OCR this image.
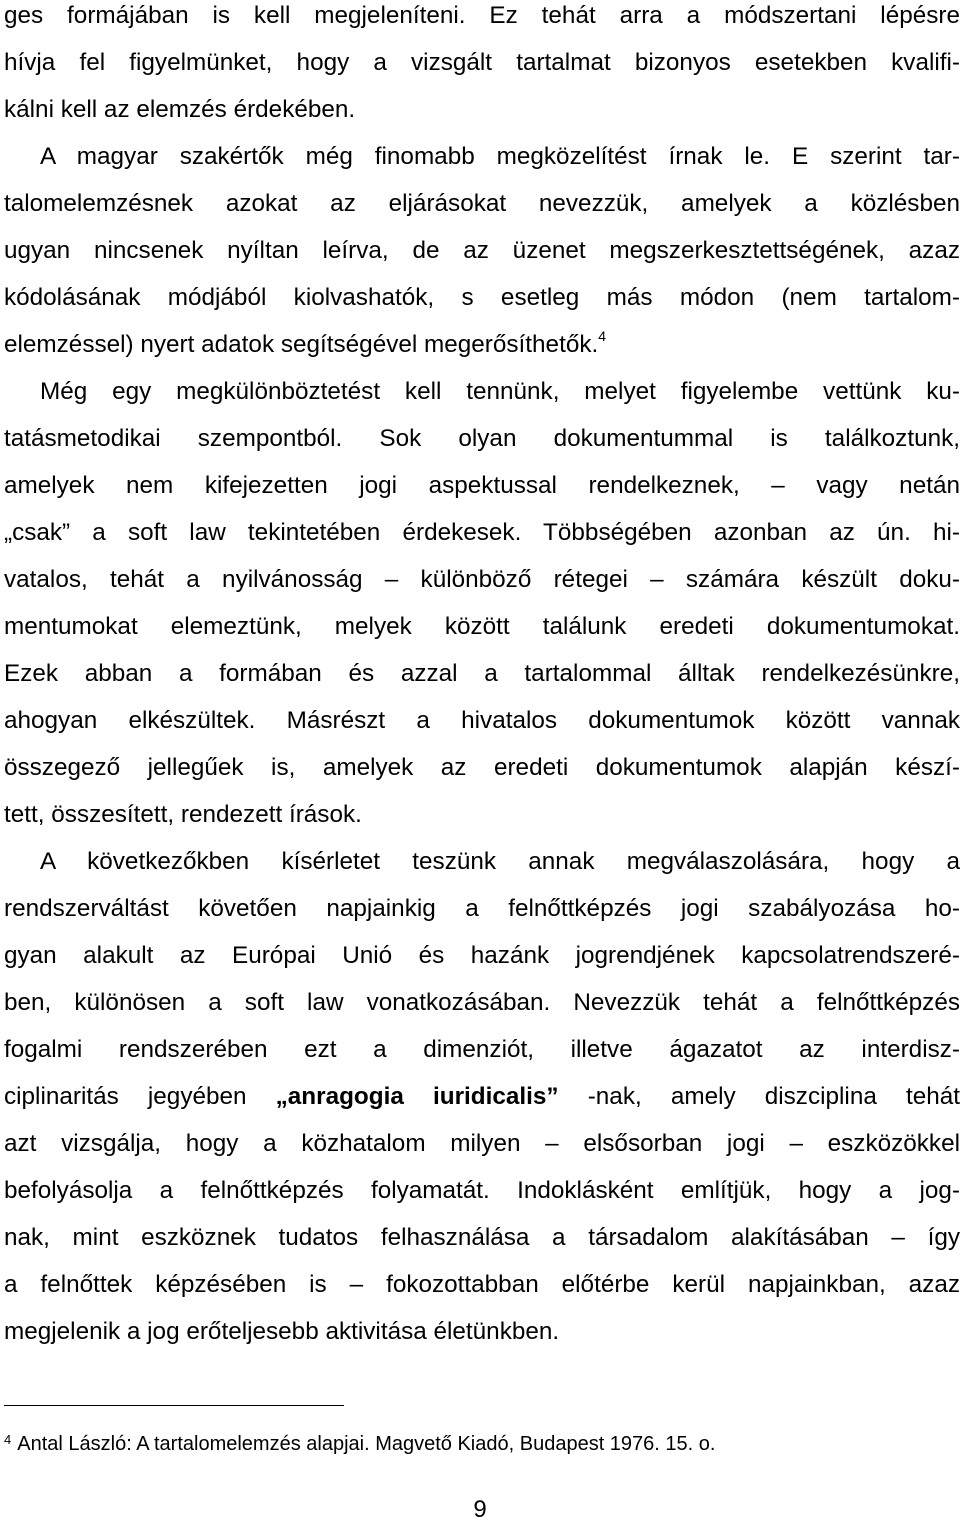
ges formájában is kell megjeleníteni. Ez tehát arra a módszertani lépésre
hívja fel figyelmünket, hogy a vizsgált tartalmat bizonyos esetekben kvalifi-
kálni kell az elemzés érdekében.
A magyar szakértők még finomabb megközelítést írnak le. E szerint tar-
talomelemzésnek azokat az eljárásokat nevezzük, amelyek a közlésben
ugyan nincsenek nyíltan leírva, de az üzenet megszerkesztettségének, azaz
kódolásának módjából kiolvashatók, s esetleg más módon (nem tartalom-
elemzéssel) nyert adatok segítségével megerősíthetők.$^4$
Még egy megkülönböztetést kell tennünk, melyet figyelembe vettünk ku-
tatásmetodikai szempontból. Sok olyan dokumentummal is találkoztunk,
amelyek nem kifejezetten jogi aspektussal rendelkeznek, – vagy netán
„csak” a soft law tekintetében érdekesek. Többségében azonban az ún. hi-
vatalos, tehát a nyilvánosság – különböző rétegei – számára készült doku-
mentumokat elemeztünk, melyek között találunk eredeti dokumentumokat.
Ezek abban a formában és azzal a tartalommal álltak rendelkezésünkre,
ahogyan elkészültek. Másrészt a hivatalos dokumentumok között vannak
összegező jellegűek is, amelyek az eredeti dokumentumok alapján készí-
tett, összesített, rendezett írások.
A következőkben kísérletet teszünk annak megválaszolására, hogy a
rendszerváltást követően napjainkig a felnőttképzés jogi szabályozása ho-
gyan alakult az Európai Unió és hazánk jogrendjének kapcsolatrendszeré-
ben, különösen a soft law vonatkozásában. Nevezzük tehát a felnőttképzés
fogalmi rendszerében ezt a dimenziót, illetve ágazatot az interdisz-
ciplinaritás jegyében „anragogia iuridicalis” -nak, amely diszciplina tehát
azt vizsgálja, hogy a közhatalom milyen – elsősorban jogi – eszközökkel
befolyásolja a felnőttképzés folyamatát. Indoklásként említjük, hogy a jog-
nak, mint eszköznek tudatos felhasználása a társadalom alakításában – így
a felnőttek képzésében is – fokozottabban előtérbe kerül napjainkban, azaz
megjelenik a jog erőteljesebb aktivitása életünkben.
$^4$ Antal László: A tartalomelemzés alapjai. Magvető Kiadó, Budapest 1976. 15. o.
9
